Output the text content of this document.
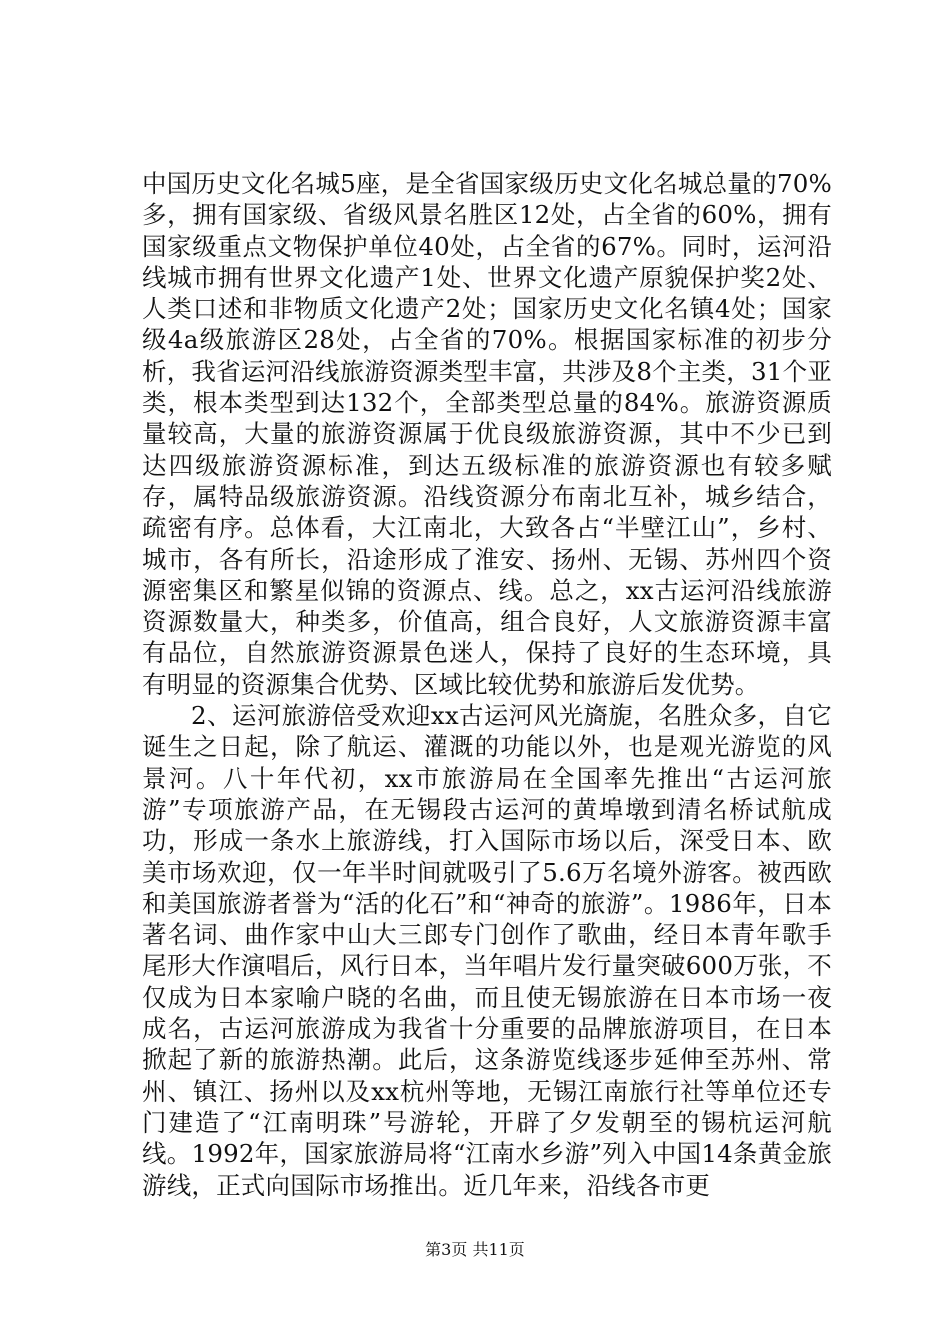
中国历史文化名城5座，是全省国家级历史文化名城总量的70%多，拥有国家级、省级风景名胜区12处，占全省的60%，拥有国家级重点文物保护单位40处，占全省的67%。同时，运河沿线城市拥有世界文化遗产1处、世界文化遗产原貌保护奖2处、人类口述和非物质文化遗产2处；国家历史文化名镇4处；国家级4a级旅游区28处，占全省的70%。根据国家标准的初步分析，我省运河沿线旅游资源类型丰富，共涉及8个主类，31个亚类，根本类型到达132个，全部类型总量的84%。旅游资源质量较高，大量的旅游资源属于优良级旅游资源，其中不少已到达四级旅游资源标准，到达五级标准的旅游资源也有较多赋存，属特品级旅游资源。沿线资源分布南北互补，城乡结合，疏密有序。总体看，大江南北，大致各占“半壁江山”，乡村、城市，各有所长，沿途形成了淮安、扬州、无锡、苏州四个资源密集区和繁星似锦的资源点、线。总之，xx古运河沿线旅游资源数量大，种类多，价值高，组合良好，人文旅游资源丰富有品位，自然旅游资源景色迷人，保持了良好的生态环境，具有明显的资源集合优势、区域比较优势和旅游后发优势。

2、运河旅游倍受欢迎xx古运河风光旖旎，名胜众多，自它诞生之日起，除了航运、灌溉的功能以外，也是观光游览的风景河。八十年代初，xx市旅游局在全国率先推出“古运河旅游”专项旅游产品，在无锡段古运河的黄埠墩到清名桥试航成功，形成一条水上旅游线，打入国际市场以后，深受日本、欧美市场欢迎，仅一年半时间就吸引了5.6万名境外游客。被西欧和美国旅游者誉为“活的化石”和“神奇的旅游”。1986年，日本著名词、曲作家中山大三郎专门创作了歌曲，经日本青年歌手尾形大作演唱后，风行日本，当年唱片发行量突破600万张，不仅成为日本家喻户晓的名曲，而且使无锡旅游在日本市场一夜成名，古运河旅游成为我省十分重要的品牌旅游项目，在日本掀起了新的旅游热潮。此后，这条游览线逐步延伸至苏州、常州、镇江、扬州以及xx杭州等地，无锡江南旅行社等单位还专门建造了“江南明珠”号游轮，开辟了夕发朝至的锡杭运河航线。1992年，国家旅游局将“江南水乡游”列入中国14条黄金旅游线，正式向国际市场推出。近几年来，沿线各市更

第3页 共11页
